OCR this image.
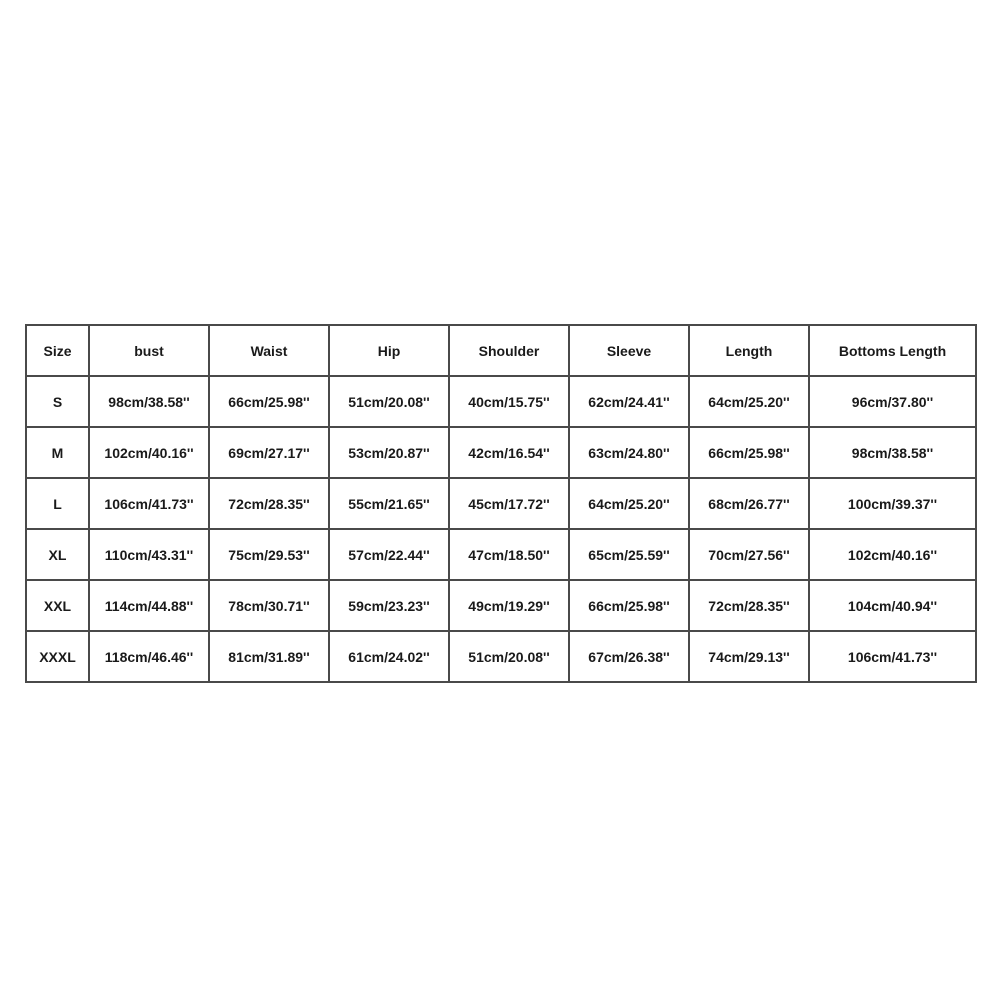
Size	bust	Waist	Hip	Shoulder	Sleeve	Length	Bottoms Length
S	98cm/38.58''	66cm/25.98''	51cm/20.08''	40cm/15.75''	62cm/24.41''	64cm/25.20''	96cm/37.80''
M	102cm/40.16''	69cm/27.17''	53cm/20.87''	42cm/16.54''	63cm/24.80''	66cm/25.98''	98cm/38.58''
L	106cm/41.73''	72cm/28.35''	55cm/21.65''	45cm/17.72''	64cm/25.20''	68cm/26.77''	100cm/39.37''
XL	110cm/43.31''	75cm/29.53''	57cm/22.44''	47cm/18.50''	65cm/25.59''	70cm/27.56''	102cm/40.16''
XXL	114cm/44.88''	78cm/30.71''	59cm/23.23''	49cm/19.29''	66cm/25.98''	72cm/28.35''	104cm/40.94''
XXXL	118cm/46.46''	81cm/31.89''	61cm/24.02''	51cm/20.08''	67cm/26.38''	74cm/29.13''	106cm/41.73''
